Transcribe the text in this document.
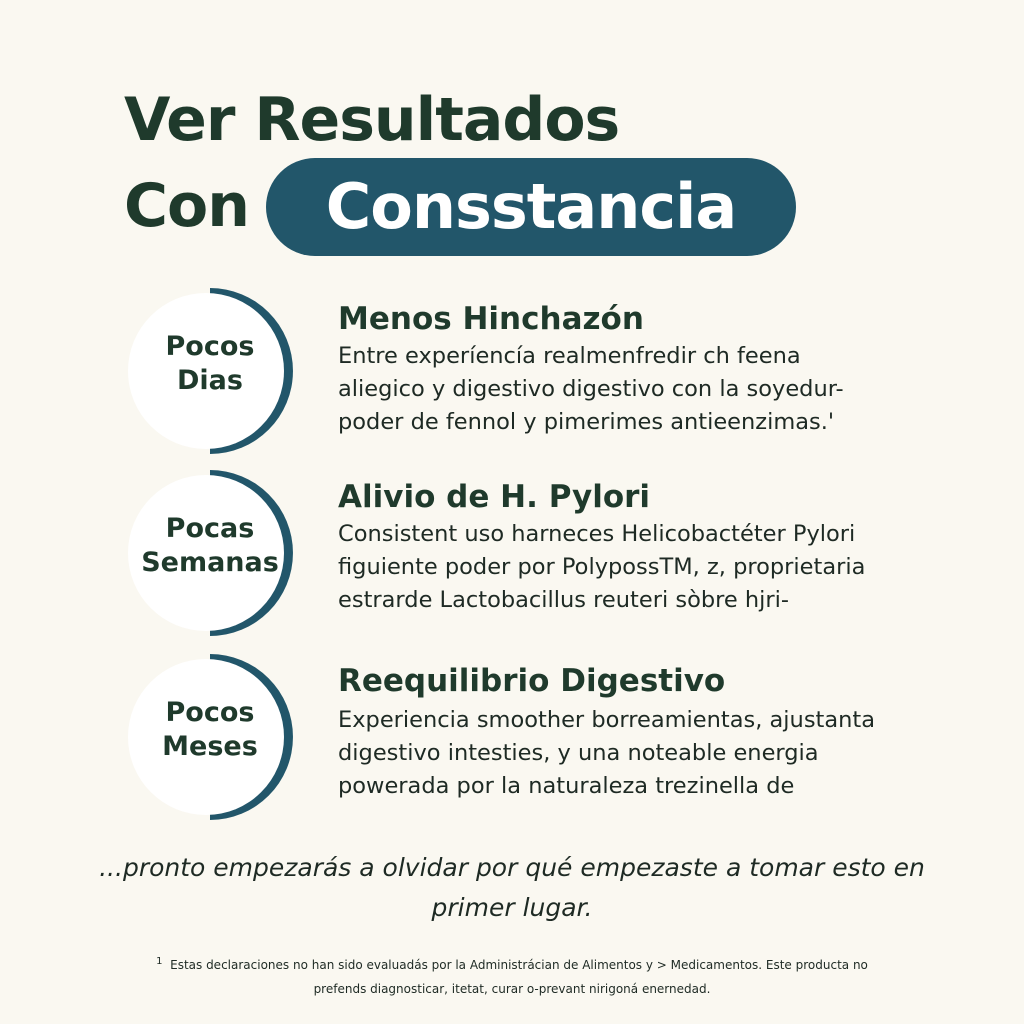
Ver Resultados
Con	Consstancia
Pocos
Dias
Menos Hinchazón
Entre experíencía realmenfredir ch feena
aliegico y digestivo digestivo con la soyedur-
poder de fennol y pimerimes antieenzimas.'
Pocas
Semanas
Alivio de H. Pylori
Consistent uso harneces Helicobactéter Pylori
figuiente poder por PolypossTM, z, proprietaria
estrarde Lactobacillus reuteri sòbre hjri-
Pocos
Meses
Reequilibrio Digestivo
Experiencia smoother borreamientas, ajustanta
digestivo intesties, y una noteable energia
powerada por la naturaleza trezinella de
...pronto empezarás a olvidar por qué empezaste a tomar esto en
primer lugar.
$^1$ Estas declaraciones no han sido evaluadás por la Administrácian de Alimentos y > Medicamentos. Este producta no
prefends diagnosticar, itetat, curar o-prevant nirigoná enernedad.
